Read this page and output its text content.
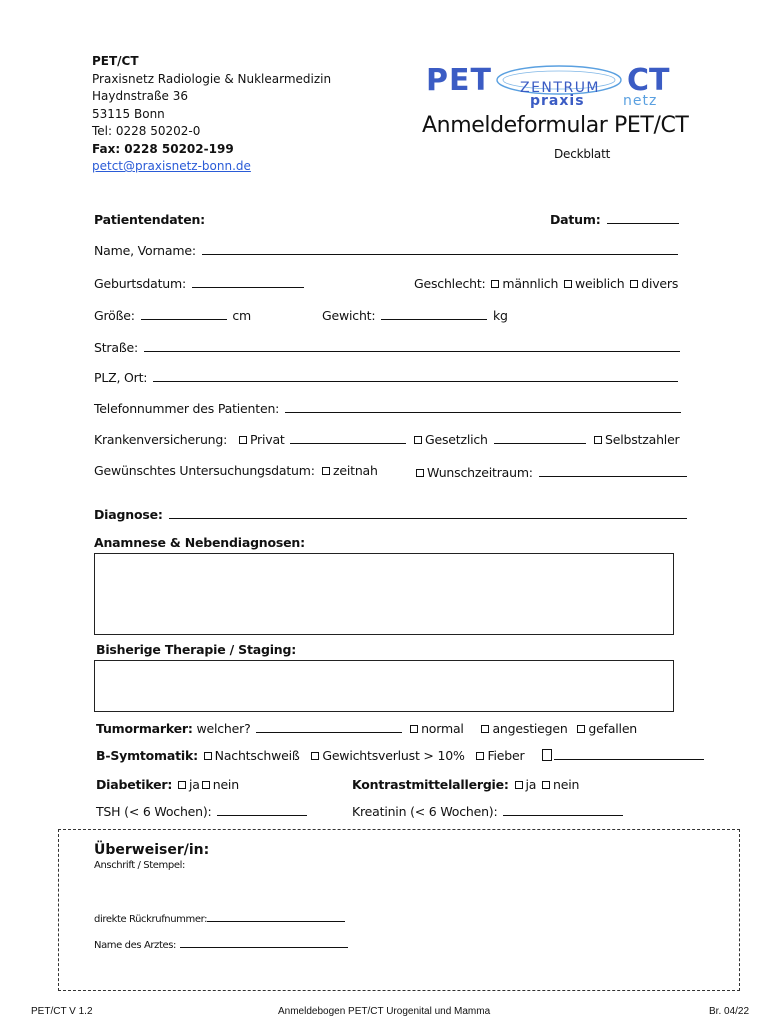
PET/CT
Praxisnetz Radiologie & Nuklearmedizin
Haydnstraße 36
53115 Bonn
Tel: 0228 50202-0
Fax: 0228 50202-199
petct@praxisnetz-bonn.de
PET ZENTRUM CT
praxis	netz
Anmeldeformular PET/CT
Deckblatt
Patientendaten:	Datum:
Name, Vorname:
Geburtsdatum:	Geschlecht: männlich weiblich divers
Größe:	cm	Gewicht:	kg
Straße:
PLZ, Ort:
Telefonnummer des Patienten:
Krankenversicherung: Privat	Gesetzlich	Selbstzahler
Gewünschtes Untersuchungsdatum:	zeitnah	Wunschzeitraum:
Diagnose:
Anamnese & Nebendiagnosen:
Bisherige Therapie / Staging:
Tumormarker: welcher?	normal angestiegen gefallen
B-Symtomatik: Nachtschweiß Gewichtsverlust > 10% Fieber
Diabetiker: ja nein	Kontrastmittelallergie: ja nein
TSH (< 6 Wochen):	Kreatinin (< 6 Wochen):
Überweiser/in:
Anschrift / Stempel:
direkte Rückrufnummer:
Name des Arztes:
PET/CT V 1.2	Anmeldebogen PET/CT Urogenital und Mamma	Br. 04/22
